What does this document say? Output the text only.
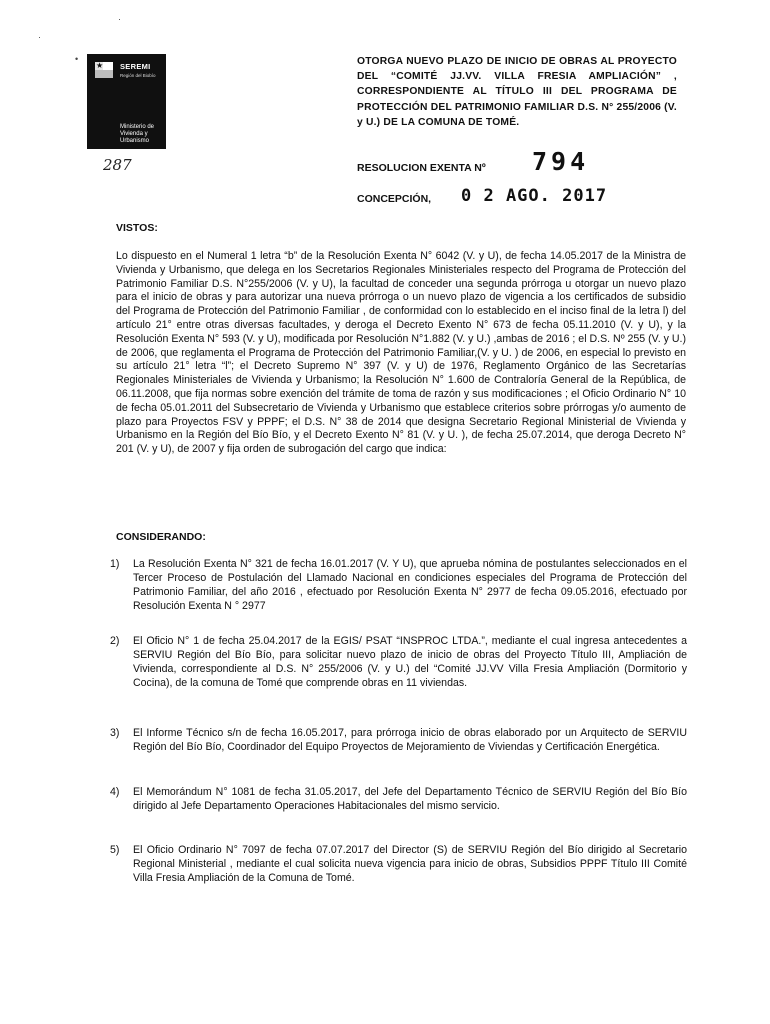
·
·
•
★ SEREMI
Región del Biobío
Ministerio de Vivienda y Urbanismo
287
OTORGA NUEVO PLAZO DE INICIO DE OBRAS AL PROYECTO DEL “COMITÉ JJ.VV. VILLA FRESIA AMPLIACIÓN” , CORRESPONDIENTE AL TÍTULO III DEL PROGRAMA DE PROTECCIÓN DEL PATRIMONIO FAMILIAR D.S. N° 255/2006 (V. y U.) DE LA COMUNA DE TOMÉ.
RESOLUCION EXENTA Nº 794
CONCEPCIÓN, 0 2 AGO. 2017
VISTOS:

Lo dispuesto en el Numeral 1 letra “b” de la Resolución Exenta N° 6042 (V. y U), de fecha 14.05.2017 de la Ministra de Vivienda y Urbanismo, que delega en los Secretarios Regionales Ministeriales respecto del Programa de Protección del Patrimonio Familiar D.S. N°255/2006 (V. y U), la facultad de conceder una segunda prórroga u otorgar un nuevo plazo para el inicio de obras y para autorizar una nueva prórroga o un nuevo plazo de vigencia a los certificados de subsidio del Programa de Protección del Patrimonio Familiar , de conformidad con lo establecido en el inciso final de la letra l) del artículo 21° entre otras diversas facultades, y deroga el Decreto Exento N° 673 de fecha 05.11.2010 (V. y U), y la Resolución Exenta N° 593 (V. y U), modificada por Resolución N°1.882 (V. y U.) ,ambas de 2016 ; el D.S. Nº 255 (V. y U.) de 2006, que reglamenta el Programa de Protección del Patrimonio Familiar,(V. y U. ) de 2006, en especial lo previsto en su artículo 21° letra “l”; el Decreto Supremo N° 397 (V. y U) de 1976, Reglamento Orgánico de las Secretarías Regionales Ministeriales de Vivienda y Urbanismo; la Resolución N° 1.600 de Contraloría General de la República, de 06.11.2008, que fija normas sobre exención del trámite de toma de razón y sus modificaciones ; el Oficio Ordinario N° 10 de fecha 05.01.2011 del Subsecretario de Vivienda y Urbanismo que establece criterios sobre prórrogas y/o aumento de plazo para Proyectos FSV y PPPF; el D.S. N° 38 de 2014 que designa Secretario Regional Ministerial de Vivienda y Urbanismo en la Región del Bío Bío, y el Decreto Exento N° 81 (V. y U. ), de fecha 25.07.2014, que deroga Decreto N° 201 (V. y U), de 2007 y fija orden de subrogación del cargo que indica:

CONSIDERANDO:
1) La Resolución Exenta N° 321 de fecha 16.01.2017 (V. Y U), que aprueba nómina de postulantes seleccionados en el Tercer Proceso de Postulación del Llamado Nacional en condiciones especiales del Programa de Protección del Patrimonio Familiar, del año 2016 , efectuado por Resolución Exenta N° 2977 de fecha 09.05.2016, efectuado por Resolución Exenta N ° 2977

2) El Oficio N° 1 de fecha 25.04.2017 de la EGIS/ PSAT “INSPROC LTDA.”, mediante el cual ingresa antecedentes a SERVIU Región del Bío Bío, para solicitar nuevo plazo de inicio de obras del Proyecto Título III, Ampliación de Vivienda, correspondiente al D.S. N° 255/2006 (V. y U.) del “Comité JJ.VV Villa Fresia Ampliación (Dormitorio y Cocina), de la comuna de Tomé que comprende obras en 11 viviendas.

3) El Informe Técnico s/n de fecha 16.05.2017, para prórroga inicio de obras elaborado por un Arquitecto de SERVIU Región del Bío Bío, Coordinador del Equipo Proyectos de Mejoramiento de Viviendas y Certificación Energética.

4) El Memorándum N° 1081 de fecha 31.05.2017, del Jefe del Departamento Técnico de SERVIU Región del Bío Bío dirigido al Jefe Departamento Operaciones Habitacionales del mismo servicio.

5) El Oficio Ordinario N° 7097 de fecha 07.07.2017 del Director (S) de SERVIU Región del Bío dirigido al Secretario Regional Ministerial , mediante el cual solicita nueva vigencia para inicio de obras, Subsidios PPPF Título III Comité Villa Fresia Ampliación de la Comuna de Tomé.
